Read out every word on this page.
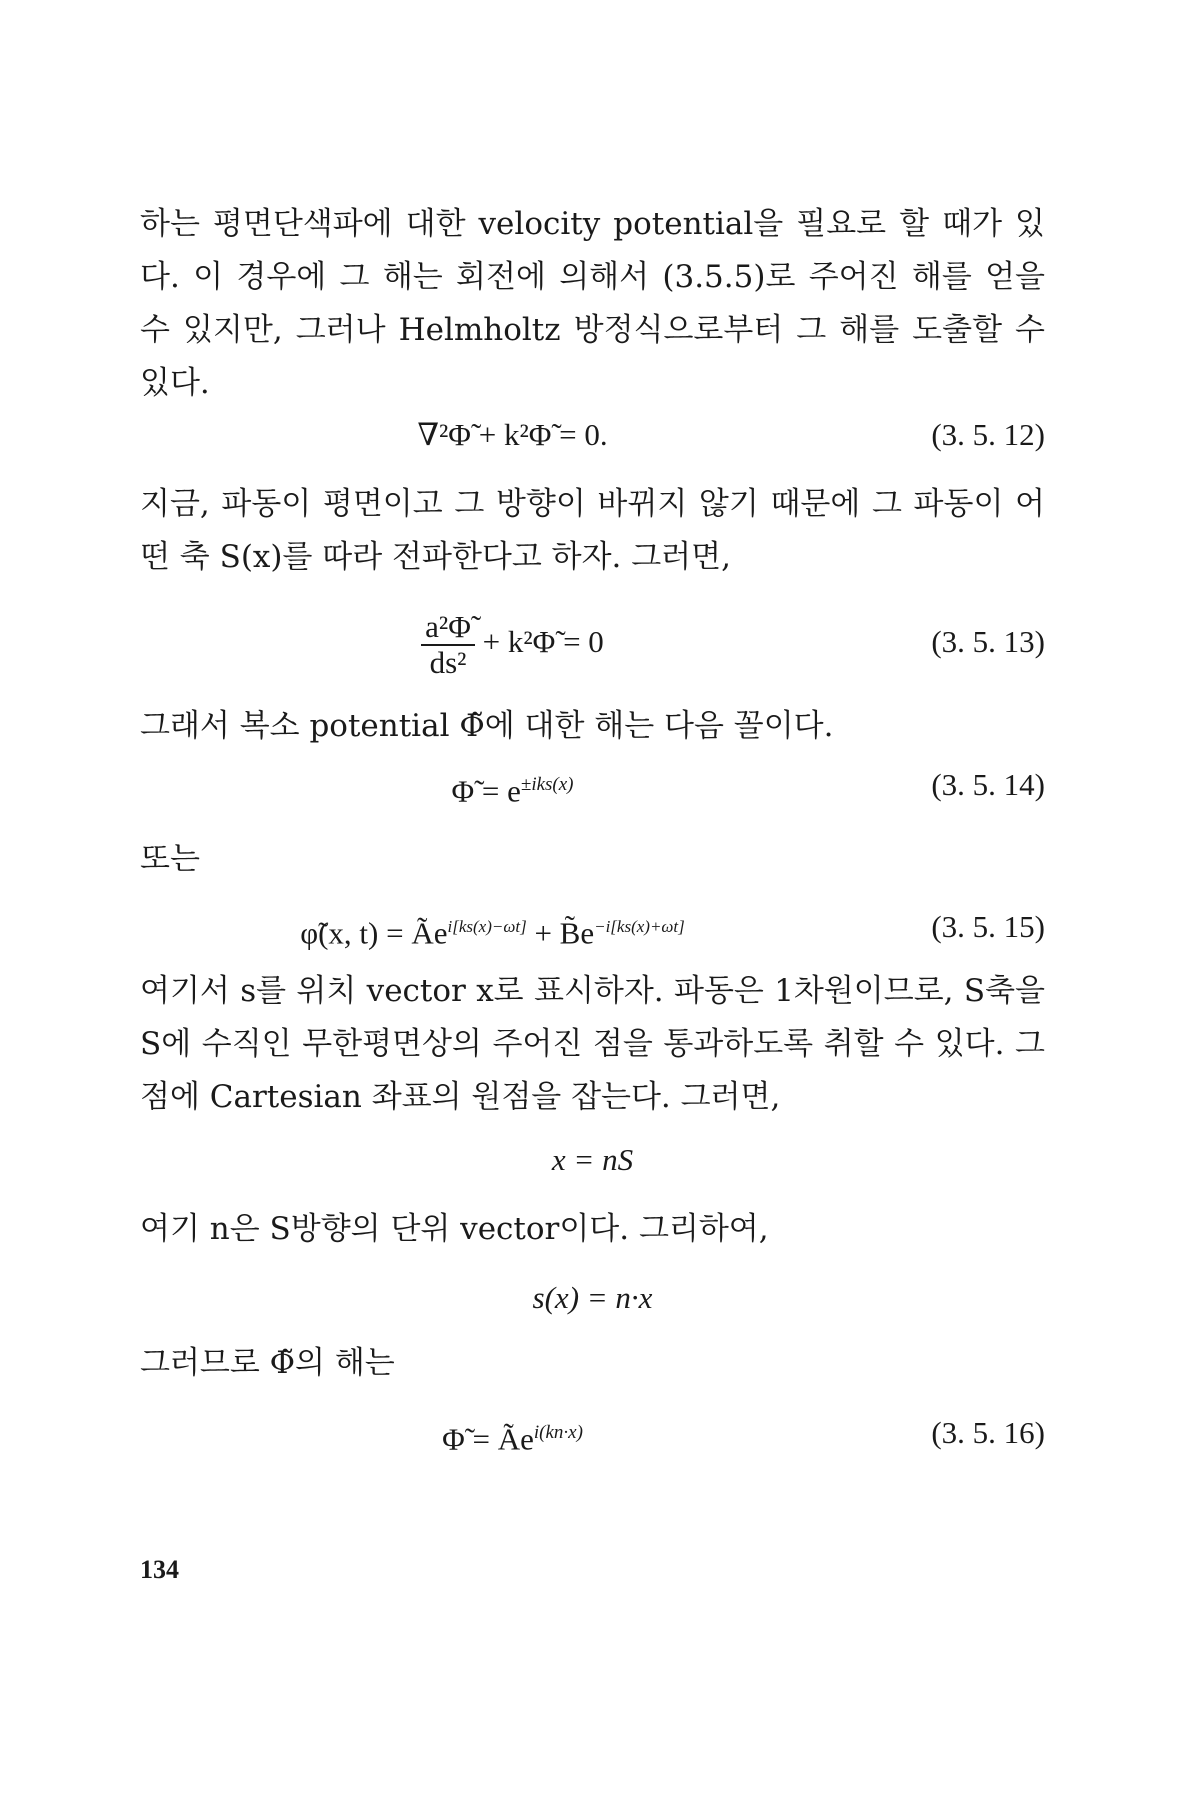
하는 평면단색파에 대한 velocity potential을 필요로 할 때가 있다. 이 경우에 그 해는 회전에 의해서 (3.5.5)로 주어진 해를 얻을 수 있지만, 그러나 Helmholtz 방정식으로부터 그 해를 도출할 수 있다.

∇²Φ̃ + k²Φ̃ = 0.	(3. 5. 12)

지금, 파동이 평면이고 그 방향이 바뀌지 않기 때문에 그 파동이 어떤 축 S(x)를 따라 전파한다고 하자. 그러면,

$\frac{\text{a²Φ̃}}{\text{ds²}}$ + k²Φ̃ = 0	(3. 5. 13)

그래서 복소 potential Φ̃에 대한 해는 다음 꼴이다.

Φ̃ = $e^{\pm iks(x)}$	(3. 5. 14)

또는

φ̃(x, $t) = Ãe^{i[ks(x)-\omega t]}$ + $B̃e^{-i[ks(x)+\omega t]}$	(3. 5. 15)

여기서 s를 위치 vector x로 표시하자. 파동은 1차원이므로, S축을 S에 수직인 무한평면상의 주어진 점을 통과하도록 취할 수 있다. 그 점에 Cartesian 좌표의 원점을 잡는다. 그러면,

x = nS

여기 n은 S방향의 단위 vector이다. 그리하여,

s(x) = n·x

그러므로 Φ̃의 해는

Φ̃ = $Ãe^{i(kn\cdot x)}$	(3. 5. 16)
134
